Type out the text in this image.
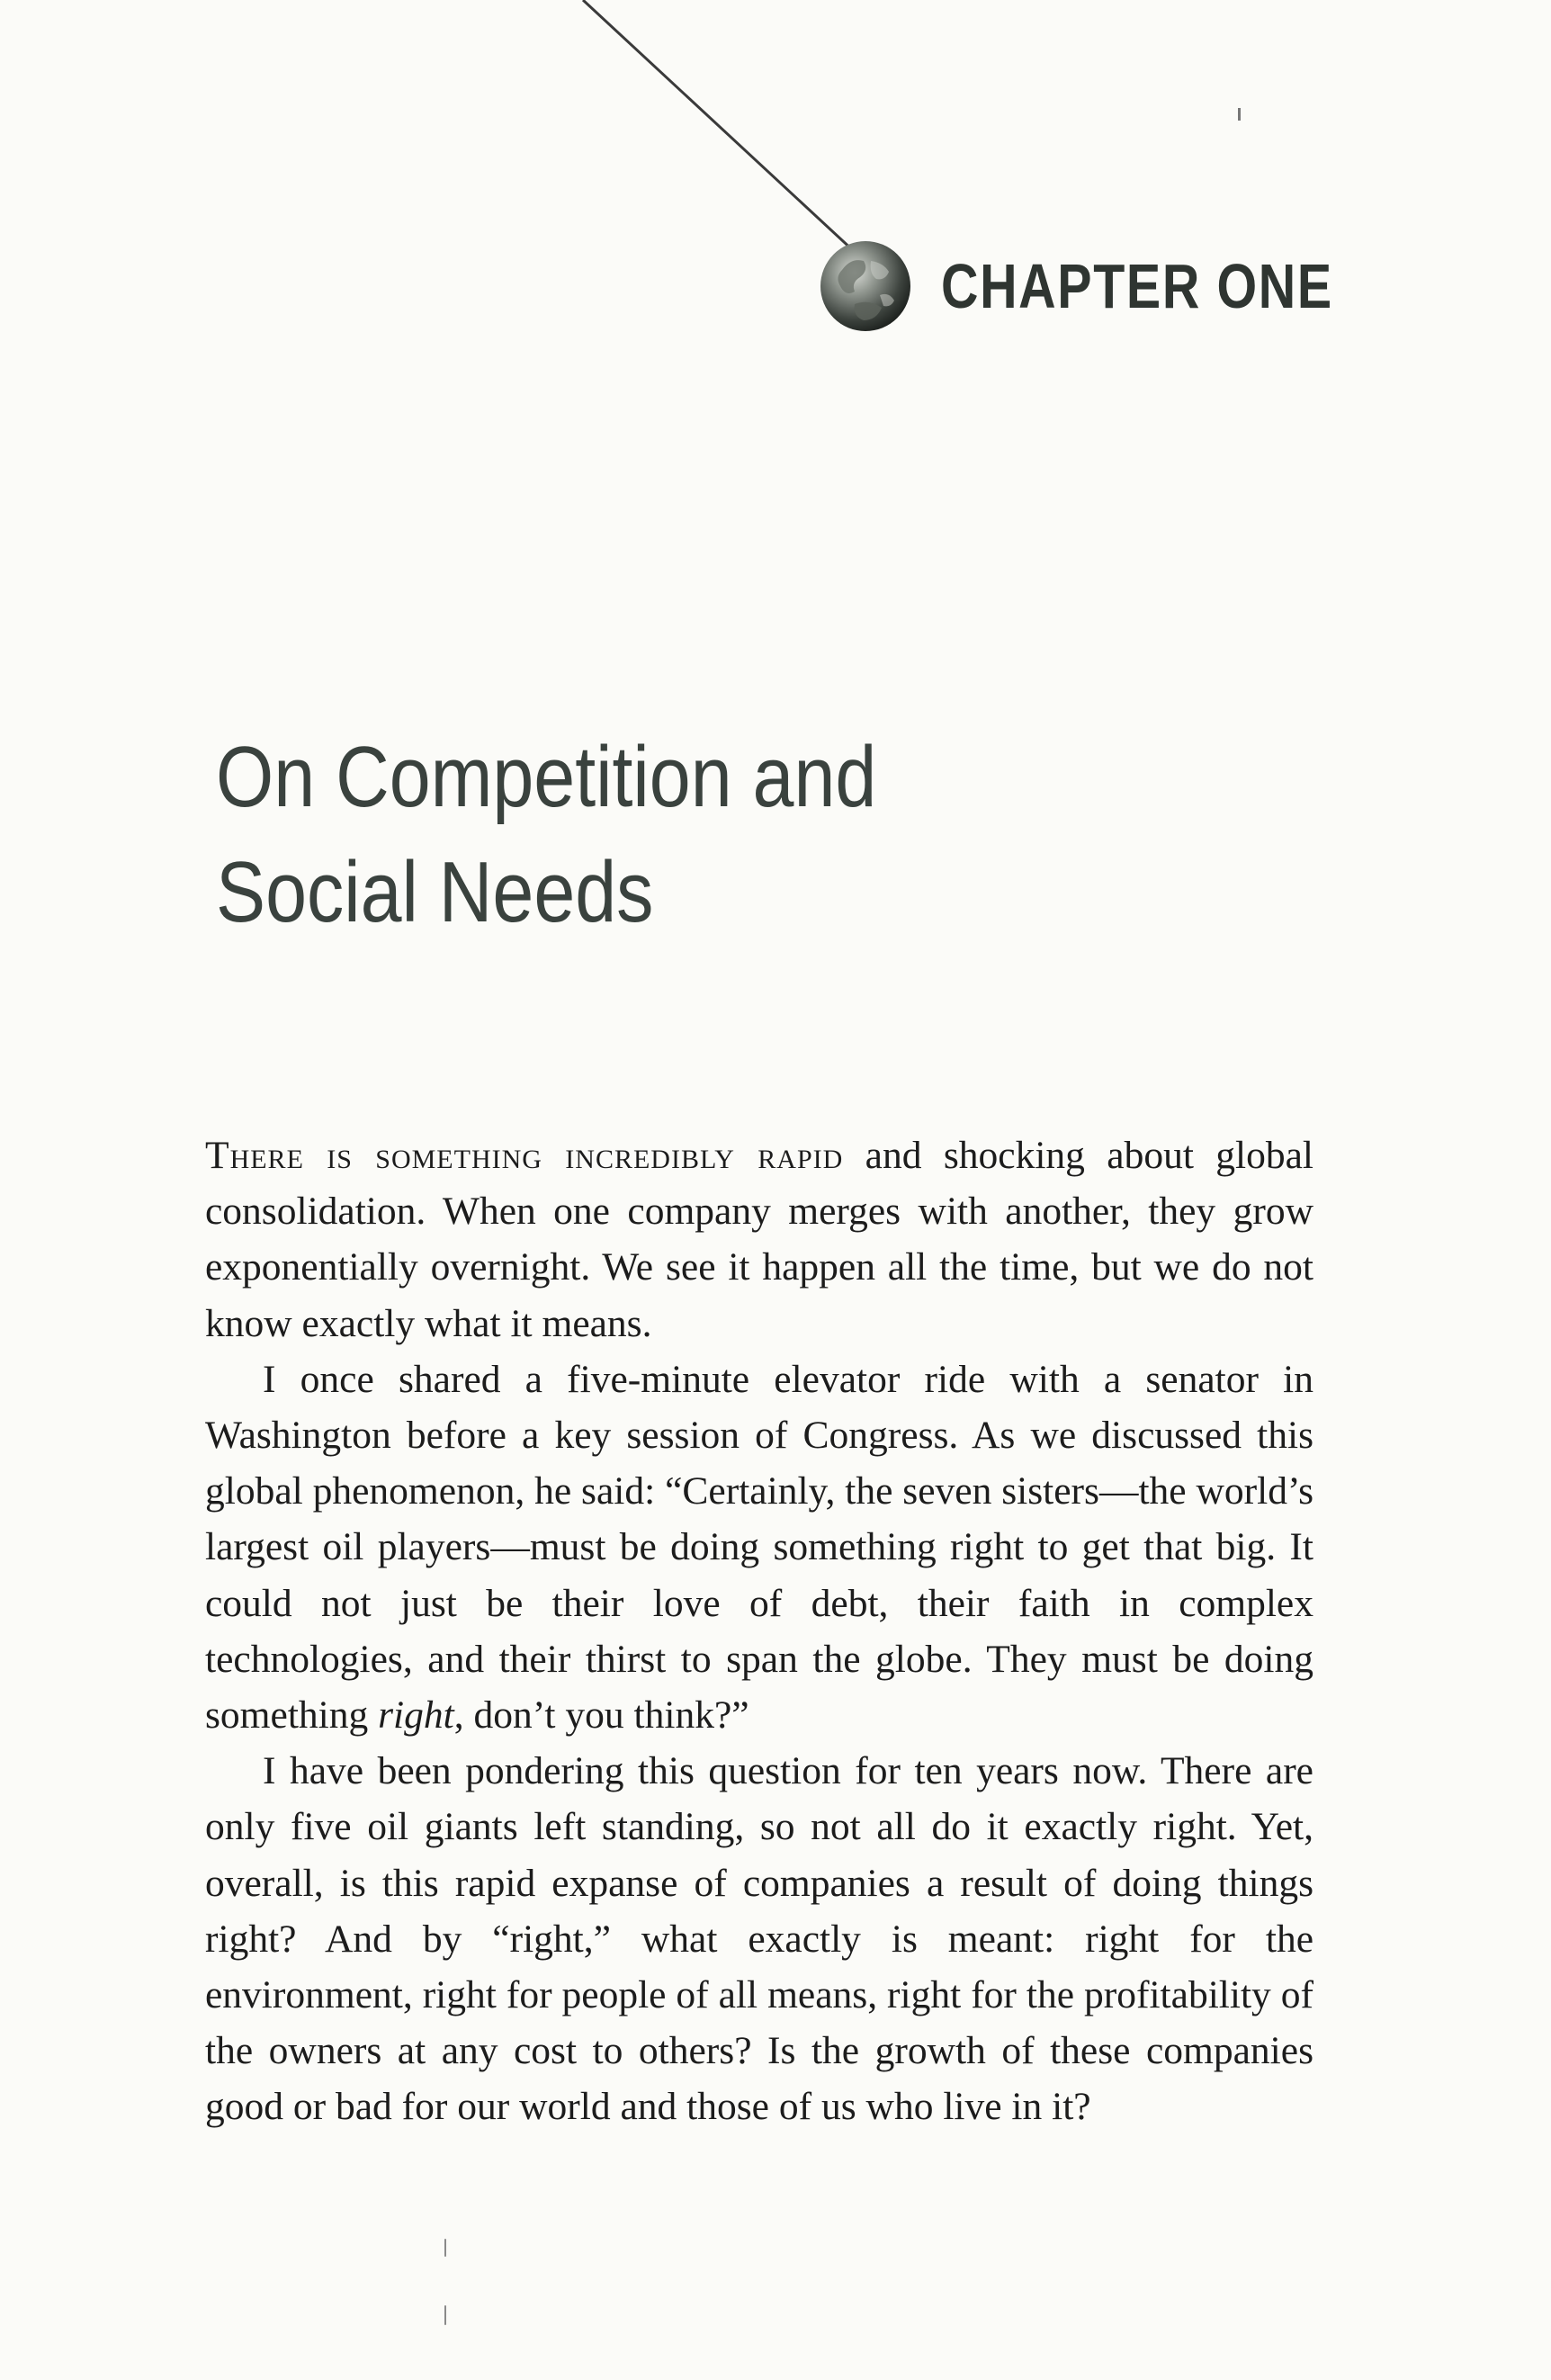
CHAPTER ONE
On Competition and
Social Needs

There is something incredibly rapid and shocking about global consolidation. When one company merges with another, they grow exponentially overnight. We see it happen all the time, but we do not know exactly what it means.

I once shared a five-minute elevator ride with a senator in Washington before a key session of Congress. As we discussed this global phenomenon, he said: “Certainly, the seven sisters—the world’s largest oil players—must be doing something right to get that big. It could not just be their love of debt, their faith in complex technologies, and their thirst to span the globe. They must be doing something right, don’t you think?”

I have been pondering this question for ten years now. There are only five oil giants left standing, so not all do it exactly right. Yet, overall, is this rapid expanse of companies a result of doing things right? And by “right,” what exactly is meant: right for the environment, right for people of all means, right for the profitability of the owners at any cost to others? Is the growth of these companies good or bad for our world and those of us who live in it?
